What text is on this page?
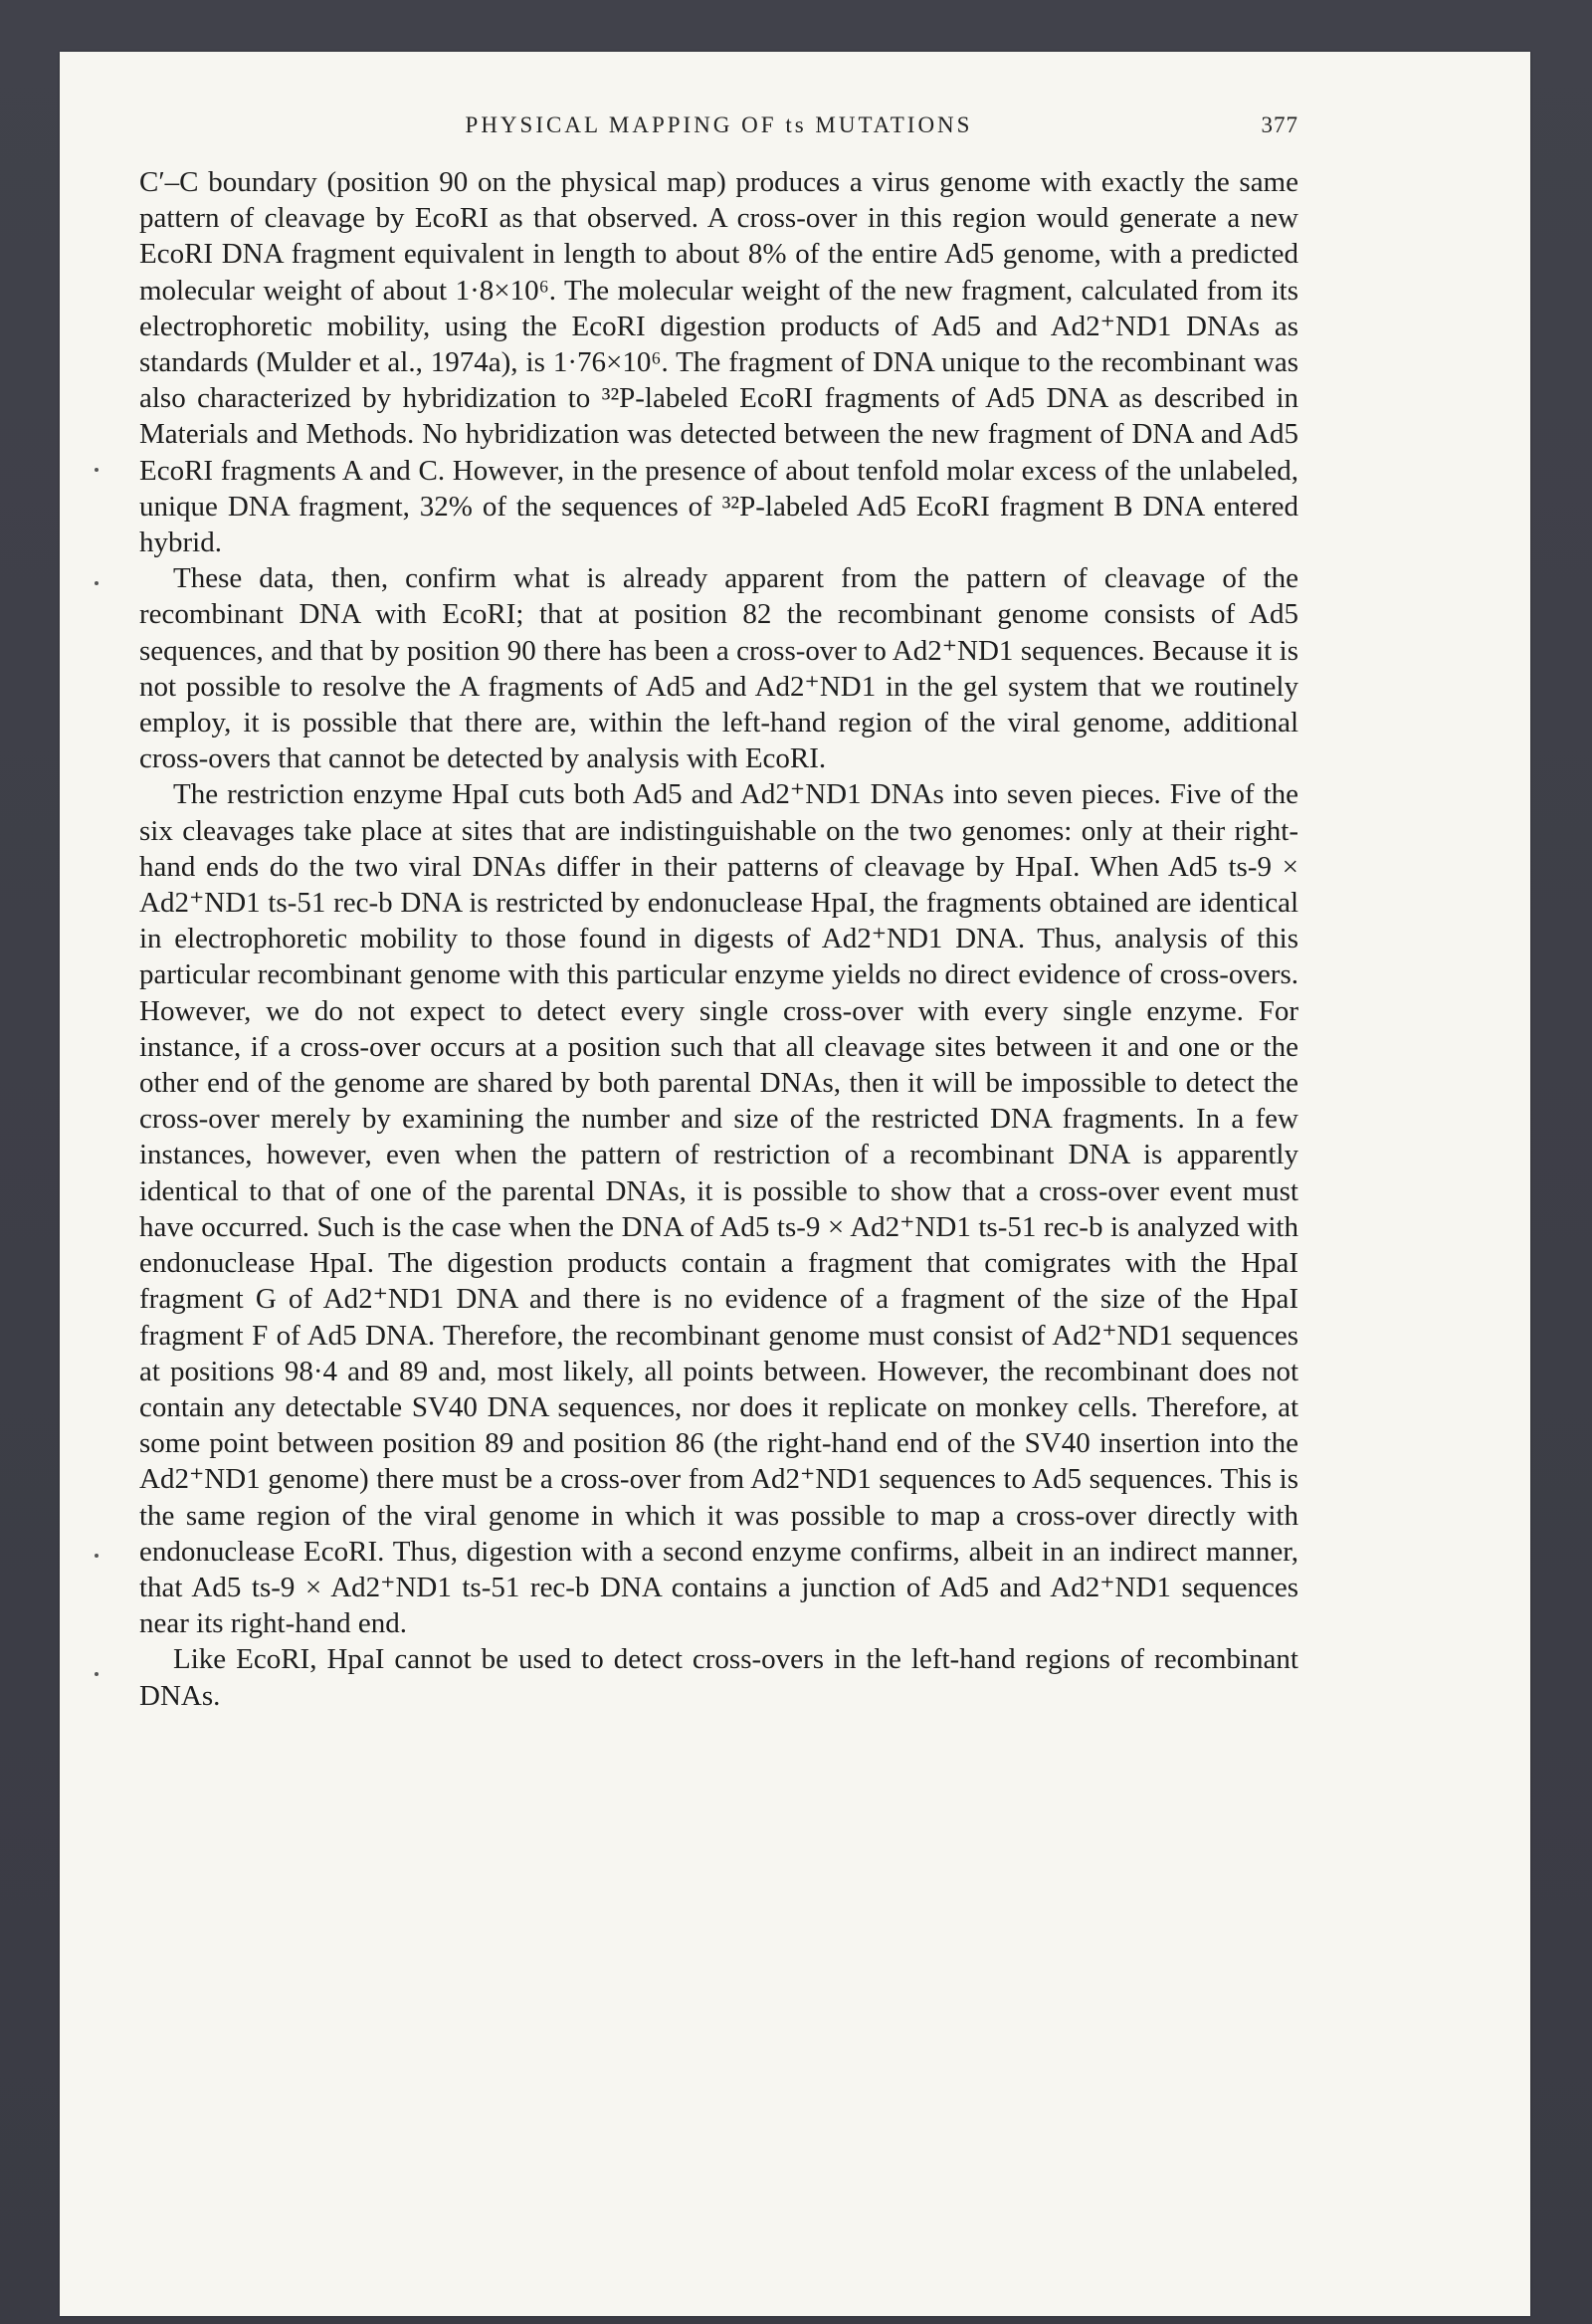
PHYSICAL MAPPING OF ts MUTATIONS	377

C′–C boundary (position 90 on the physical map) produces a virus genome with exactly the same pattern of cleavage by EcoRI as that observed. A cross-over in this region would generate a new EcoRI DNA fragment equivalent in length to about 8% of the entire Ad5 genome, with a predicted molecular weight of about 1·8×10⁶. The molecular weight of the new fragment, calculated from its electrophoretic mobility, using the EcoRI digestion products of Ad5 and Ad2⁺ND1 DNAs as standards (Mulder et al., 1974a), is 1·76×10⁶. The fragment of DNA unique to the recombinant was also characterized by hybridization to ³²P-labeled EcoRI fragments of Ad5 DNA as described in Materials and Methods. No hybridization was detected between the new fragment of DNA and Ad5 EcoRI fragments A and C. However, in the presence of about tenfold molar excess of the unlabeled, unique DNA fragment, 32% of the sequences of ³²P-labeled Ad5 EcoRI fragment B DNA entered hybrid.

These data, then, confirm what is already apparent from the pattern of cleavage of the recombinant DNA with EcoRI; that at position 82 the recombinant genome consists of Ad5 sequences, and that by position 90 there has been a cross-over to Ad2⁺ND1 sequences. Because it is not possible to resolve the A fragments of Ad5 and Ad2⁺ND1 in the gel system that we routinely employ, it is possible that there are, within the left-hand region of the viral genome, additional cross-overs that cannot be detected by analysis with EcoRI.

The restriction enzyme HpaI cuts both Ad5 and Ad2⁺ND1 DNAs into seven pieces. Five of the six cleavages take place at sites that are indistinguishable on the two genomes: only at their right-hand ends do the two viral DNAs differ in their patterns of cleavage by HpaI. When Ad5 ts-9 × Ad2⁺ND1 ts-51 rec-b DNA is restricted by endonuclease HpaI, the fragments obtained are identical in electrophoretic mobility to those found in digests of Ad2⁺ND1 DNA. Thus, analysis of this particular recombinant genome with this particular enzyme yields no direct evidence of cross-overs. However, we do not expect to detect every single cross-over with every single enzyme. For instance, if a cross-over occurs at a position such that all cleavage sites between it and one or the other end of the genome are shared by both parental DNAs, then it will be impossible to detect the cross-over merely by examining the number and size of the restricted DNA fragments. In a few instances, however, even when the pattern of restriction of a recombinant DNA is apparently identical to that of one of the parental DNAs, it is possible to show that a cross-over event must have occurred. Such is the case when the DNA of Ad5 ts-9 × Ad2⁺ND1 ts-51 rec-b is analyzed with endonuclease HpaI. The digestion products contain a fragment that comigrates with the HpaI fragment G of Ad2⁺ND1 DNA and there is no evidence of a fragment of the size of the HpaI fragment F of Ad5 DNA. Therefore, the recombinant genome must consist of Ad2⁺ND1 sequences at positions 98·4 and 89 and, most likely, all points between. However, the recombinant does not contain any detectable SV40 DNA sequences, nor does it replicate on monkey cells. Therefore, at some point between position 89 and position 86 (the right-hand end of the SV40 insertion into the Ad2⁺ND1 genome) there must be a cross-over from Ad2⁺ND1 sequences to Ad5 sequences. This is the same region of the viral genome in which it was possible to map a cross-over directly with endonuclease EcoRI. Thus, digestion with a second enzyme confirms, albeit in an indirect manner, that Ad5 ts-9 × Ad2⁺ND1 ts-51 rec-b DNA contains a junction of Ad5 and Ad2⁺ND1 sequences near its right-hand end.

Like EcoRI, HpaI cannot be used to detect cross-overs in the left-hand regions of recombinant DNAs.
